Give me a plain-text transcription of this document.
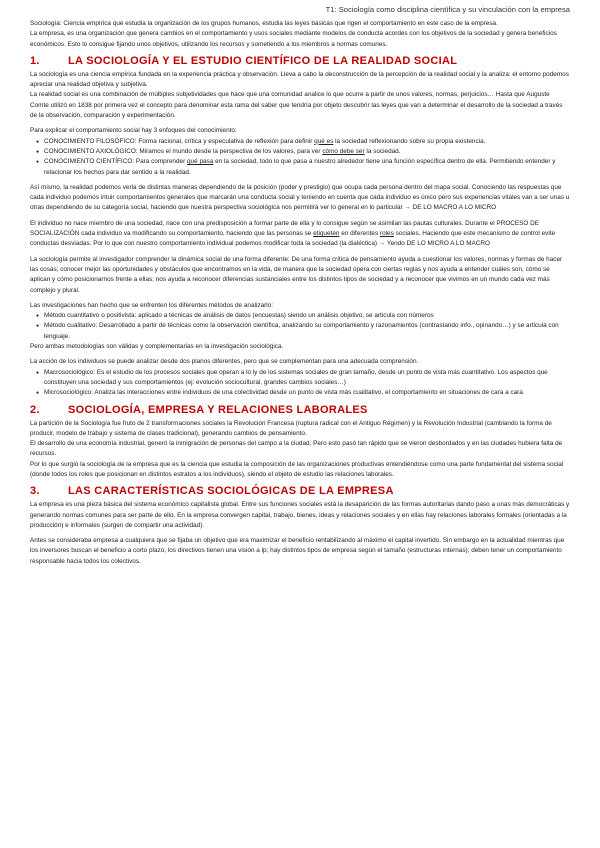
T1: Sociología como disciplina científica y su vinculación con la empresa

Sociología: Ciencia empírica que estudia la organización de los grupos humanos, estudia las leyes básicas que rigen el comportamiento en este caso de la empresa.

La empresa, es una organización que genera cambios en el comportamiento y usos sociales mediante modelos de conducta acordes con los objetivos de la sociedad y genera beneficios económicos. Esto lo consigue fijando unos objetivos, utilizando los recursos y sometiendo a los miembros a normas comunes.

1.	LA SOCIOLOGÍA Y EL ESTUDIO CIENTÍFICO DE LA REALIDAD SOCIAL

La sociología es una ciencia empírica fundada en la experiencia práctica y observación. Lleva a cabo la deconstrucción de la percepción de la realidad social y la analiza: el entorno podemos apreciar una realidad objetiva y subjetiva.

La realidad social es una combinación de múltiples subjetividades que hace que una comunidad analice lo que ocurre a partir de unos valores, normas, perjuicios… Hasta que Auguste Comte utilizó en 1838 por primera vez el concepto para denominar esta rama del saber que tendría por objeto descubrir las leyes que van a determinar el desarrollo de la sociedad a través de la observación, comparación y experimentación.

Para explicar el comportamiento social hay 3 enfoques del conocimiento:

● CONOCIMIENTO FILOSÓFICO: Forma racional, crítica y especulativa de reflexión para definir qué es la sociedad reflexionando sobre su propia existencia.
● CONOCIMIENTO AXIOLÓGICO: Miramos el mundo desde la perspectiva de los valores, para ver cómo debe ser la sociedad.
● CONOCIMIENTO CIENTÍFICO: Para comprender qué pasa en la sociedad, todo lo que pasa a nuestro alrededor tiene una función específica dentro de ella. Permitiendo entender y relacionar los hechos para dar sentido a la realidad.

Así mismo, la realidad podemos verla de distintas maneras dependiendo de la posición (poder y prestigio) que ocupa cada persona dentro del mapa social. Conociendo las respuestas que cada individuo podemos intuir comportamientos generales que marcarán una conducta social y teniendo en cuenta que cada individuo es único pero sus experiencias vitales van a ser unas u otras dependiendo de su categoría social, haciendo que nuestra perspectiva sociológica nos permitirá ver lo general en lo particular → DE LO MACRO A LO MICRO

El individuo no nace miembro de una sociedad, nace con una predisposición a formar parte de ella y lo consigue según se asimilan las pautas culturales. Durante el PROCESO DE SOCIALIZACIÓN cada individuo va modificando su comportamiento, haciendo que las personas se etiqueten en diferentes roles sociales. Haciendo que este mecanismo de control evite conductas desviadas. Por lo que con nuestro comportamiento individual podemos modificar toda la sociedad (la dialéctica) → Yendo DE LO MICRO A LO MACRO

La sociología permite al investigador comprender la dinámica social de una forma diferente: De una forma crítica de pensamiento ayuda a cuestionar los valores, normas y formas de hacer las cosas; conocer mejor las oportunidades y obstáculos que encontramos en la vida, de manera que la sociedad opera con ciertas reglas y nos ayuda a entender cuáles son, cómo se aplican y cómo posicionarnos frente a ellas; nos ayuda a reconocer diferencias sustanciales entre los distintos tipos de sociedad y a reconocer que vivimos en un mundo cada vez más complejo y plural.

Las investigaciones han hecho que se enfrenten los diferentes métodos de analizarlo:

● Método cuantitativo o positivista: aplicado a técnicas de análisis de datos (encuestas) siendo un análisis objetivo, se articula con números
● Método cualitativo: Desarrollado a partir de técnicas como la observación científica, analizando su comportamiento y razonamientos (contrastando info., opinando…) y se articula con lenguaje.

Pero ambas metodologías son válidas y complementarias en la investigación sociológica.

La acción de los individuos se puede analizar desde dos planos diferentes, pero que se complementan para una adecuada comprensión.

● Macrosociológico: Es el estudio de los procesos sociales que operan a lo ly de los sistemas sociales de gran tamaño, desde un punto de vista más cuantitativo. Los aspectos que constituyen una sociedad y sus comportamientos (ej: evolución sociocultural, grandes cambios sociales…)
● Microsociológico: Analiza las interacciones entre individuos de una colectividad desde un punto de vista más cualitativo, el comportamiento en situaciones de cara a cara.
2.	SOCIOLOGÍA, EMPRESA Y RELACIONES LABORALES

La partición de la Sociología fue fruto de 2 transformaciones sociales la Revolución Francesa (ruptura radical con el Antiguo Régimen) y la Revolución Industrial (cambiando la forma de producir, modelo de trabajo y sistema de clases tradicional), generando cambios de pensamiento.

El desarrollo de una economía industrial, generó la inmigración de personas del campo a la ciudad. Pero esto pasó tan rápido que se vieron desbordados y en las ciudades hubiera falta de recursos.

Por lo que surgió la sociología de la empresa que es la ciencia que estudia la composición de las organizaciones productivas entendiéndose como una parte fundamental del sistema social (donde todos los roles que posicionan en distintos estratos a los individuos), siendo el objeto de estudio las relaciones laborales.

3.	LAS CARACTERÍSTICAS SOCIOLÓGICAS DE LA EMPRESA

La empresa es una pieza básica del sistema económico capitalista global. Entre sus funciones sociales está la desaparición de las formas autoritarias dando paso a unas más democráticas y generando normas comunes para ser parte de ello. En la empresa convergen capital, trabajo, bienes, ideas y relaciones sociales y en ellas hay relaciones laborales formales (orientadas a la producción) e informales (surgen de compartir una actividad).

Antes se consideraba empresa a cualquiera que se fijaba un objetivo que era maximizar el beneficio rentabilizando al máximo el capital invertido. Sin embargo en la actualidad mientras que los inversores buscan el beneficio a corto plazo, los directivos tienen una visión a lp; hay distintos tipos de empresa según el tamaño (estructuras internas); deben tener un comportamiento responsable hacia todos los colectivos.
